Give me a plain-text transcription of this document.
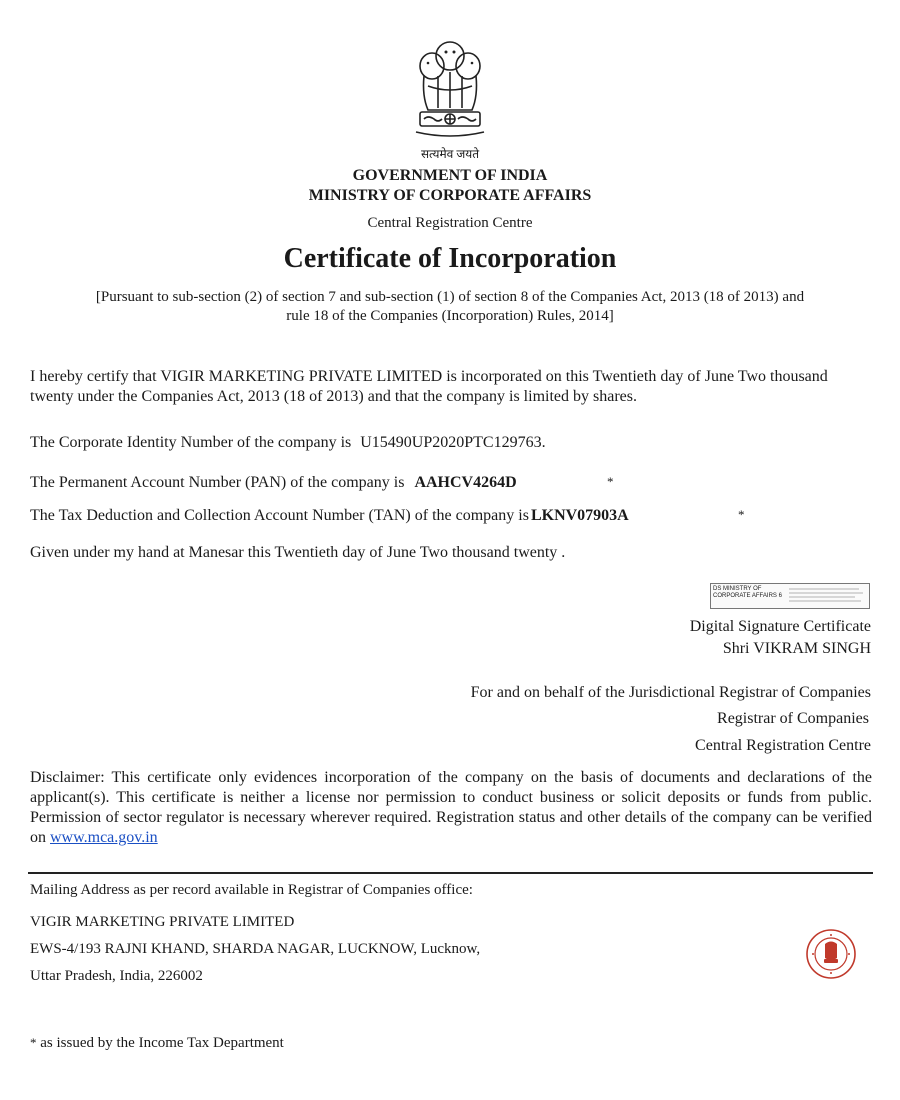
सत्यमेव जयते
GOVERNMENT OF INDIA
MINISTRY OF CORPORATE AFFAIRS
Central Registration Centre
Certificate of Incorporation
[Pursuant to sub-section (2) of section 7 and sub-section (1) of section 8 of the Companies Act, 2013 (18 of 2013) and
rule 18 of the Companies (Incorporation) Rules, 2014]
I hereby certify that VIGIR MARKETING PRIVATE LIMITED is incorporated on this Twentieth day of June Two thousand twenty under the Companies Act, 2013 (18 of 2013) and that the company is limited by shares.
The Corporate Identity Number of the company is U15490UP2020PTC129763.
The Permanent Account Number (PAN) of the company is AAHCV4264D	*
The Tax Deduction and Collection Account Number (TAN) of the company is LKNV07903A	*
Given under my hand at Manesar this Twentieth day of June Two thousand twenty .
DS MINISTRY OF
CORPORATE AFFAIRS 6
Digital Signature Certificate
Shri VIKRAM SINGH
For and on behalf of the Jurisdictional Registrar of Companies
Registrar of Companies
Central Registration Centre
Disclaimer: This certificate only evidences incorporation of the company on the basis of documents and declarations of the applicant(s). This certificate is neither a license nor permission to conduct business or solicit deposits or funds from public. Permission of sector regulator is necessary wherever required. Registration status and other details of the company can be verified on www.mca.gov.in
Mailing Address as per record available in Registrar of Companies office:
VIGIR MARKETING PRIVATE LIMITED
EWS-4/193 RAJNI KHAND, SHARDA NAGAR, LUCKNOW, Lucknow,
Uttar Pradesh, India, 226002
* as issued by the Income Tax Department
